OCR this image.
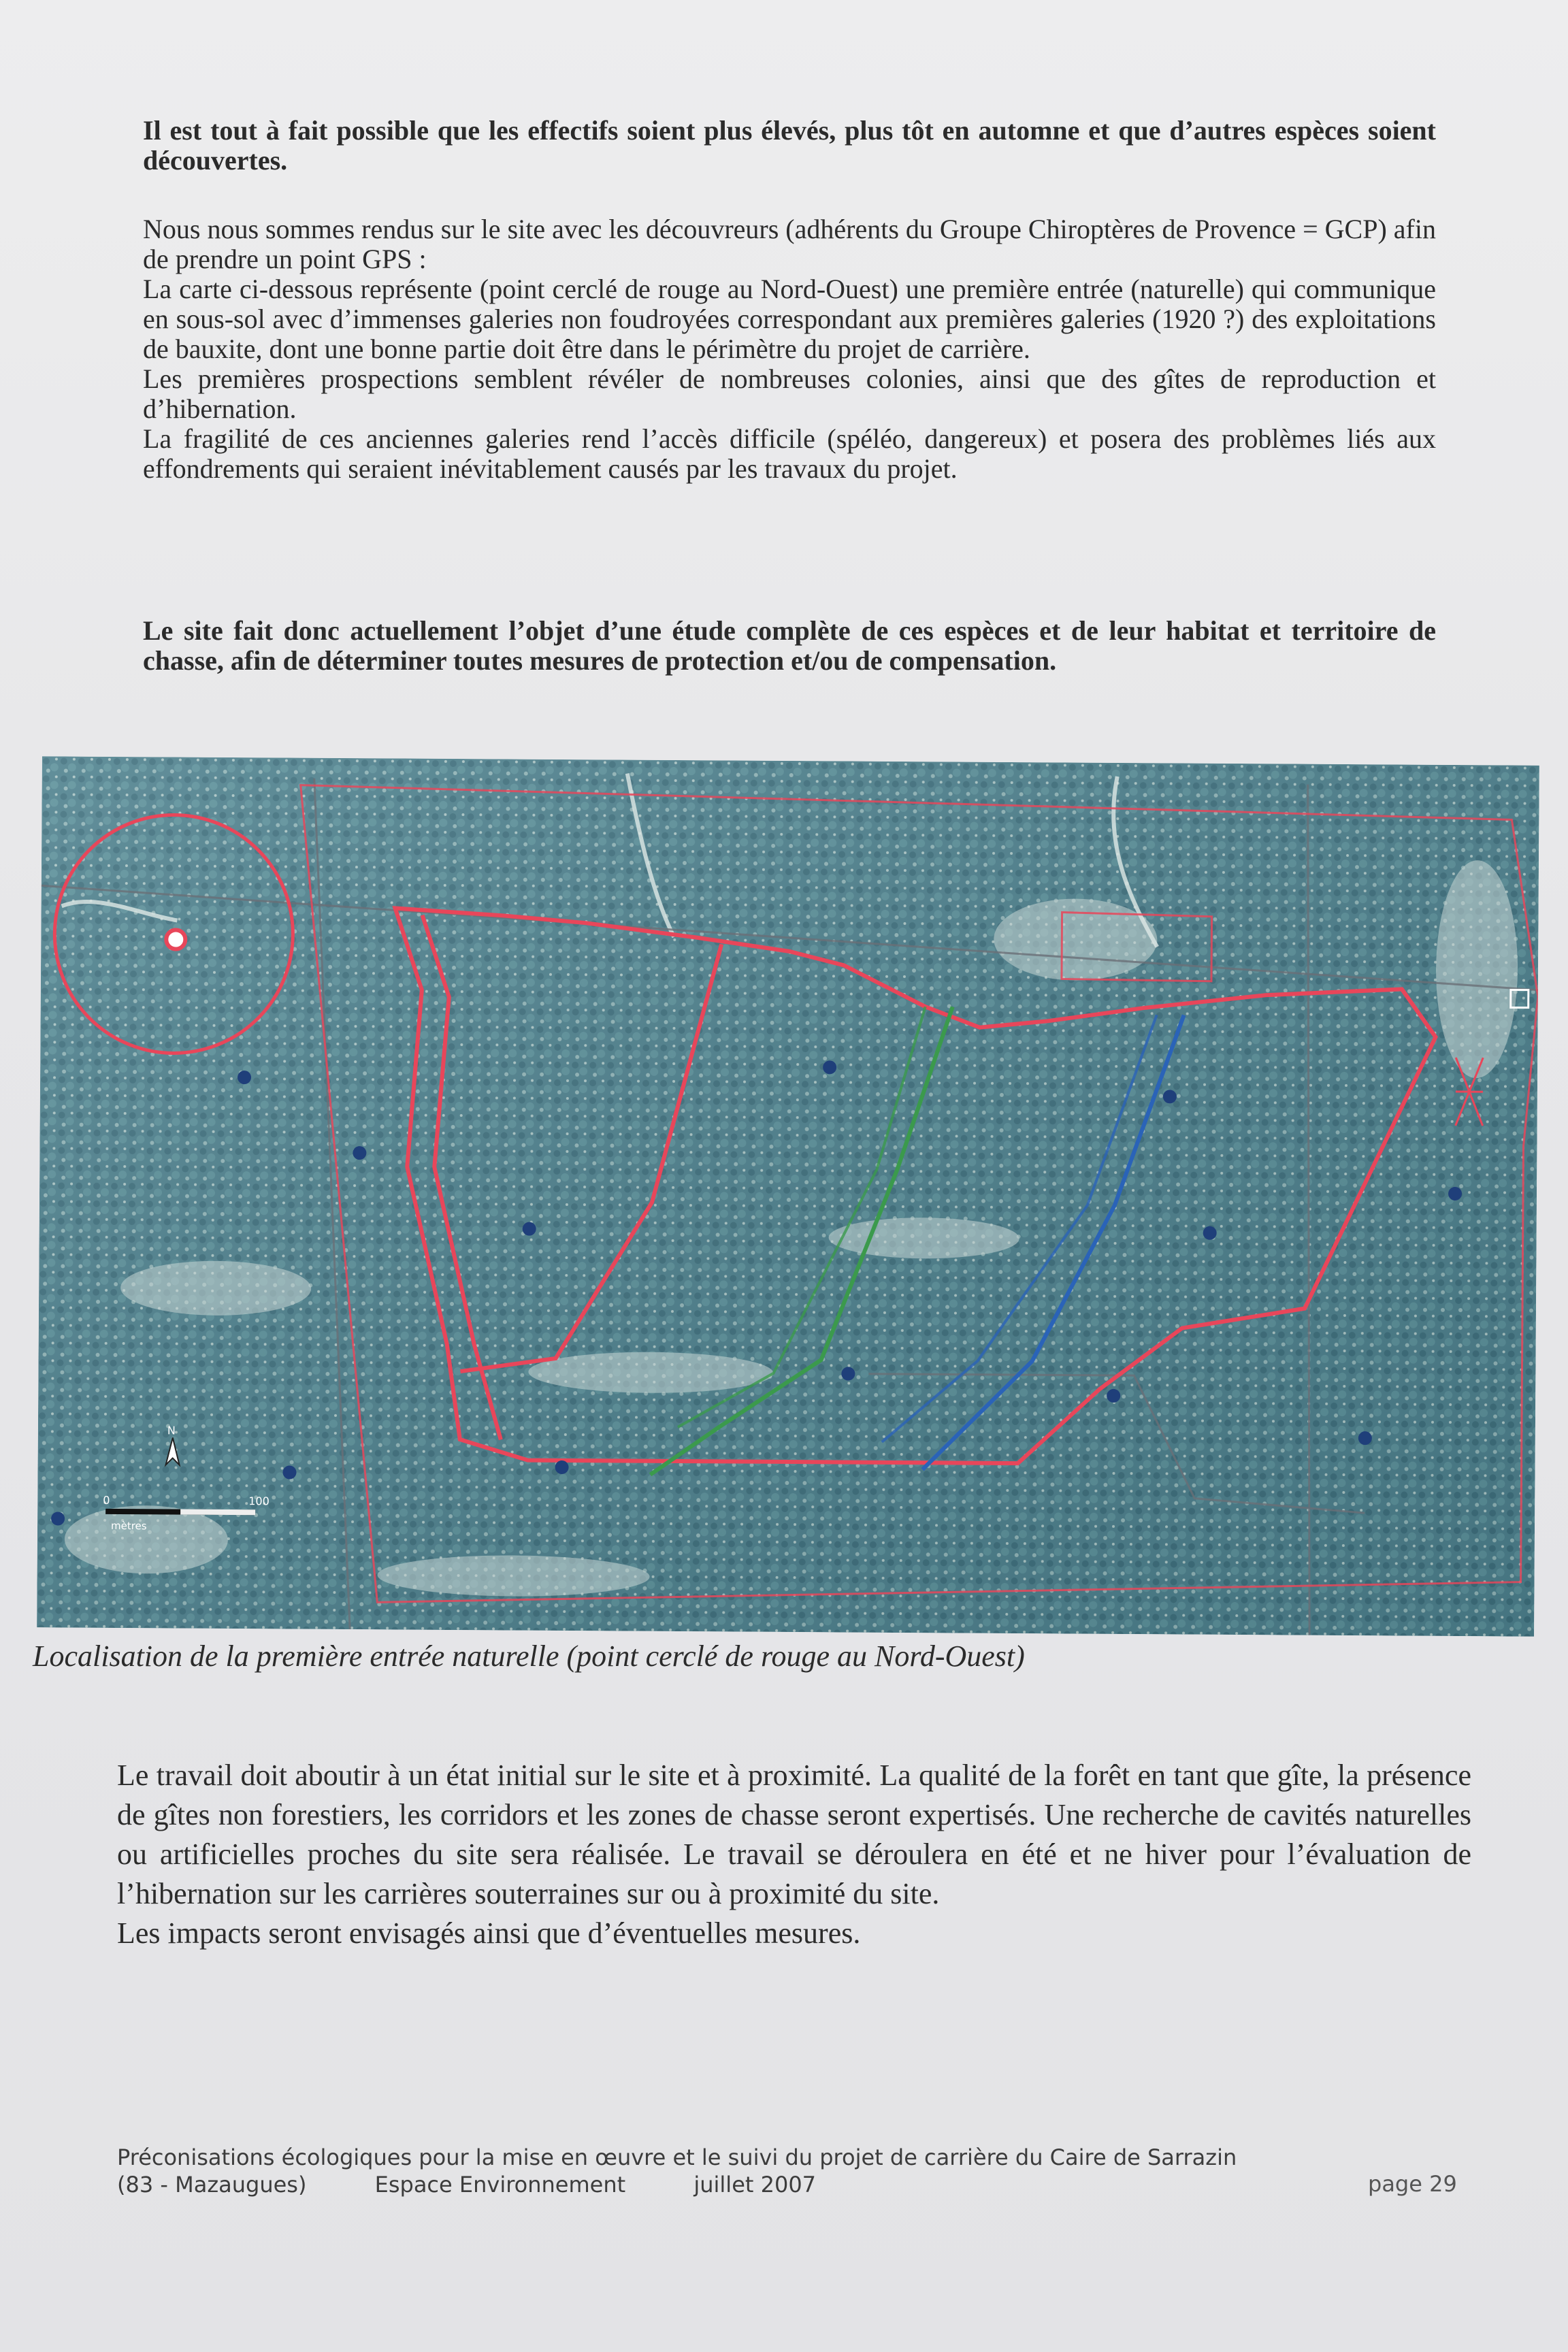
Il est tout à fait possible que les effectifs soient plus élevés, plus tôt en automne et que d’autres espèces soient découvertes.

Nous nous sommes rendus sur le site avec les découvreurs (adhérents du Groupe Chiroptères de Provence = GCP) afin de prendre un point GPS :

La carte ci-dessous représente (point cerclé de rouge au Nord-Ouest) une première entrée (naturelle) qui communique en sous-sol avec d’immenses galeries non foudroyées correspondant aux premières galeries (1920 ?) des exploitations de bauxite, dont une bonne partie doit être dans le périmètre du projet de carrière.

Les premières prospections semblent révéler de nombreuses colonies, ainsi que des gîtes de reproduction et d’hibernation.

La fragilité de ces anciennes galeries rend l’accès difficile (spéléo, dangereux) et posera des problèmes liés aux effondrements qui seraient inévitablement causés par les travaux du projet.

Le site fait donc actuellement l’objet d’une étude complète de ces espèces et de leur habitat et territoire de chasse, afin de déterminer toutes mesures de protection et/ou de compensation.

N
0	100
mètres

Localisation de la première entrée naturelle (point cerclé de rouge au Nord-Ouest)

Le travail doit aboutir à un état initial sur le site et à proximité. La qualité de la forêt en tant que gîte, la présence de gîtes non forestiers, les corridors et les zones de chasse seront expertisés. Une recherche de cavités naturelles ou artificielles proches du site sera réalisée. Le travail se déroulera en été et ne hiver pour l’évaluation de l’hibernation sur les carrières souterraines sur ou à proximité du site.

Les impacts seront envisagés ainsi que d’éventuelles mesures.

Préconisations écologiques pour la mise en œuvre et le suivi du projet de carrière du Caire de Sarrazin
(83 - Mazaugues)	Espace Environnement	juillet 2007	page 29
